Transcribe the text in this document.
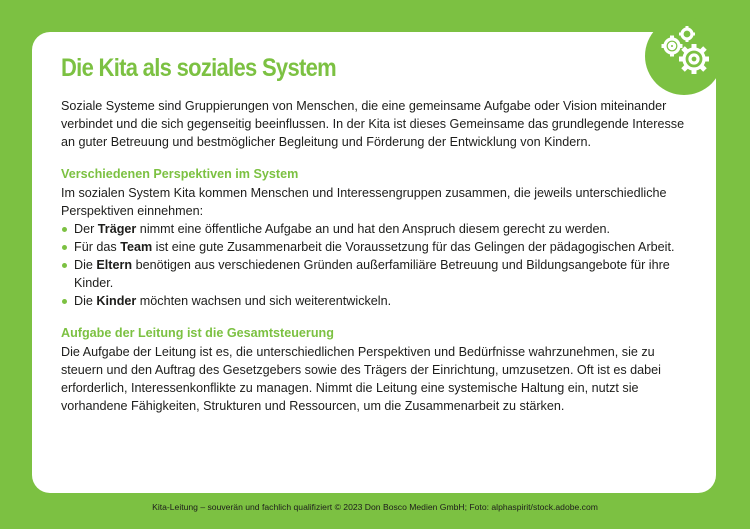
Die Kita als soziales System

Soziale Systeme sind Gruppierungen von Menschen, die eine gemeinsame Aufgabe oder Vision miteinander verbindet und die sich gegenseitig beeinflussen. In der Kita ist dieses Gemeinsame das grundlegende Interesse an guter Betreuung und bestmöglicher Begleitung und Förderung der Entwicklung von Kindern.

Verschiedenen Perspektiven im System

Im sozialen System Kita kommen Menschen und Interessengruppen zusammen, die jeweils unterschiedliche Perspektiven einnehmen:

Der Träger nimmt eine öffentliche Aufgabe an und hat den Anspruch diesem gerecht zu werden.
Für das Team ist eine gute Zusammenarbeit die Voraussetzung für das Gelingen der pädagogischen Arbeit.
Die Eltern benötigen aus verschiedenen Gründen außerfamiliäre Betreuung und Bildungsangebote für ihre Kinder.
Die Kinder möchten wachsen und sich weiterentwickeln.
Aufgabe der Leitung ist die Gesamtsteuerung

Die Aufgabe der Leitung ist es, die unterschiedlichen Perspektiven und Bedürfnisse wahrzunehmen, sie zu steuern und den Auftrag des Gesetzgebers sowie des Trägers der Einrichtung, umzusetzen. Oft ist es dabei erforderlich, Interessenkonflikte zu managen. Nimmt die Leitung eine systemische Haltung ein, nutzt sie vorhandene Fähigkeiten, Strukturen und Ressourcen, um die Zusammenarbeit zu stärken.

Kita-Leitung – souverän und fachlich qualifiziert © 2023 Don Bosco Medien GmbH; Foto: alphaspirit/stock.adobe.com
